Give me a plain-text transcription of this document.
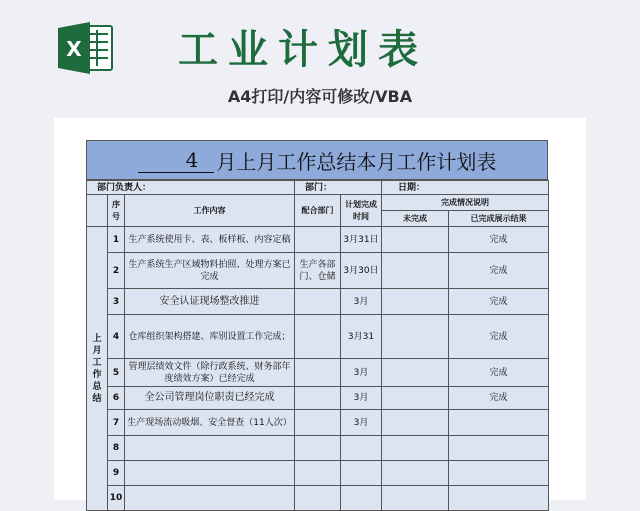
X 工业计划表
A4打印/内容可修改/VBA
4 月上月工作总结本月工作计划表
部门负责人：			部门：		日期：	
	序号	工作内容	配合部门	计划完成时间	完成情况说明	
					未完成	已完成展示结果
上月工作总结	1	生产系统使用卡、表、板样板、内容定稿		3月31日		完成
	2	生产系统生产区域物料拍照、处理方案已完成	生产各部门、仓储	3月30日		完成
	3	安全认证现场整改推进		3月		完成
	4	仓库组织架构搭建、库别设置工作完成；		3月31		完成
	5	管理层绩效文件（除行政系统、财务部年度绩效方案）已经完成		3月		完成
	6	全公司管理岗位职责已经完成		3月		完成
	7	生产现场流动吸烟、安全督查（11人次）		3月		
	8					
	9					
	10					
